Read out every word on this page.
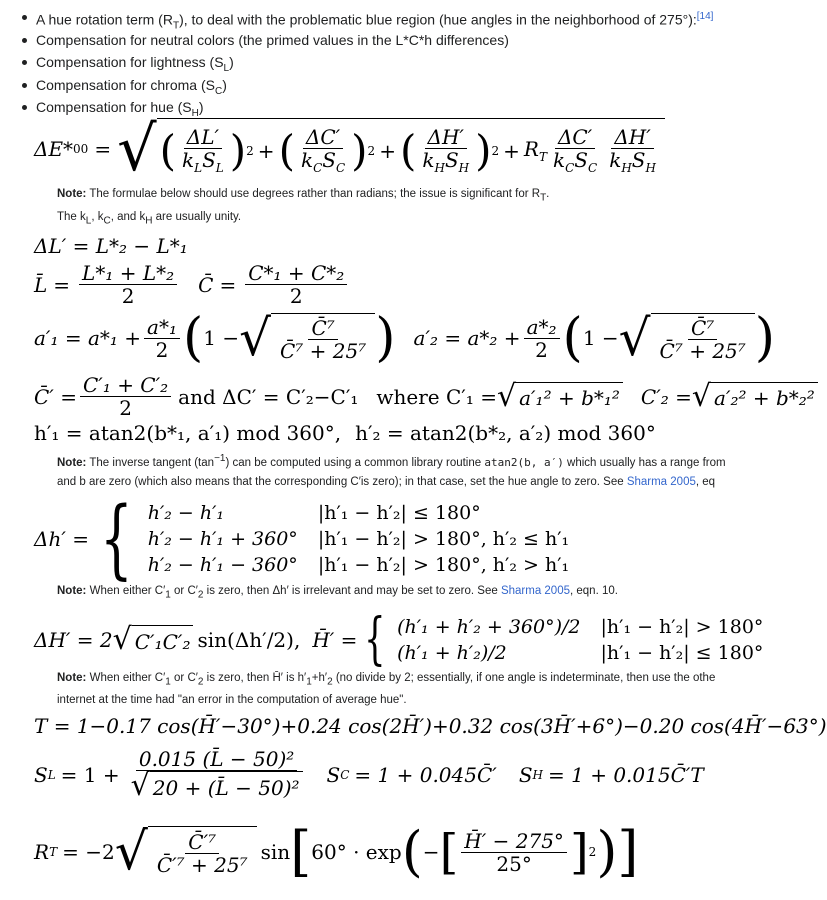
A hue rotation term $(R_T)$, to deal with the problematic blue region (hue angles in the neighborhood of 275°):[14]
Compensation for neutral colors (the primed values in the L*C*h differences)
Compensation for lightness $(S_L)$
Compensation for chroma $(S_C)$
Compensation for hue $(S_H)$
ΔE* 00 = √ ( $\frac{\Delta L'}{k_LS_L}$ ) 2 + ( $\frac{\Delta C'}{k_CS_C}$ ) 2 + ( $\frac{\Delta H'}{k_HS_H}$ ) $2 + R_T \frac{\Delta C'}{k_CS_C} \frac{\Delta H'}{k_HS_H}$
Note: The formulae below should use degrees rather than radians; the issue is significant for $R_T$.
The $k_L$, $k_C$, and $k_H$ are usually unity.
ΔL′ = L*₂ − L*₁
L̄ = $\frac{\text{L*₁ + L*₂}}{2}$ C̄ = $\frac{\text{C*₁ + C*₂}}{2}$
$a'_1 = a*_1 + \frac{\text{a*₁}}{2}$ ( 1 − √ $\frac{\text{C̄⁷}}{\text{C̄⁷ + 25⁷}}$ ) $a'_2 = a*_2 + \frac{\text{a*₂}}{2}$ ( 1 − √ $\frac{\text{C̄⁷}}{\text{C̄⁷ + 25⁷}}$ )
C̄′ = $\frac{\text{C′₁ + C′₂}}{2}$ and ΔC′ = C′₂−C′₁ where C′₁ = √ a′₁² + b*₁² C′₂ = √ a′₂² + b*₂²
h′₁ = atan2(b*₁, a′₁) mod 360°, h′₂ = atan2(b*₂, a′₂) mod 360°
Note: The inverse tangent $(\tan^{-1})$ can be computed using a common library routine atan2(b, a′) which usually has a range from
and b are zero (which also means that the corresponding C′is zero); in that case, set the hue angle to zero. See Sharma 2005, eq
Δh′ = { h′₂ − h′₁	|h′₁ − h′₂| ≤ 180°
h′₂ − h′₁ + 360° |h′₁ − h′₂| > 180°, h′₂ ≤ h′₁
h′₂ − h′₁ − 360° |h′₁ − h′₂| > 180°, h′₂ > h′₁
Note: When either $C'_1$ or $C'_2$ is zero, then Δh′ is irrelevant and may be set to zero. See Sharma 2005, eqn. 10.
ΔH′ = 2 √ C′₁C′₂ sin(Δh′/2), H̄′ = { (h′₁ + h′₂ + 360°)/2 |h′₁ − h′₂| > 180°
(h′₁ + h′₂)/2	|h′₁ − h′₂| ≤ 180°
Note: When either $C'_1$ or $C'_2$ is zero, then H̄′ is $h'_1+h'_2$ (no divide by 2; essentially, if one angle is indeterminate, then use the othe
internet at the time had "an error in the computation of average hue".
T = 1−0.17 cos(H̄′−30°)+0.24 cos(2H̄′)+0.32 cos(3H̄′+6°)−0.20 cos(4H̄′−63°)
S $L = 1 + \frac{\text{0.015 (L̄ − 50)²}}{\text{√ 20 + (L̄ − 50)²}}$ S C = 1 + 0.045C̄′ S H = 1 + 0.015C̄′T
R T = −2 √ $\frac{\text{C̄′⁷}}{\text{C̄′⁷ + 25⁷}}$ sin [ 60° · exp ( − [ $\frac{H̄' - 275^\circ}{25^\circ}$ ] 2 ) ]
